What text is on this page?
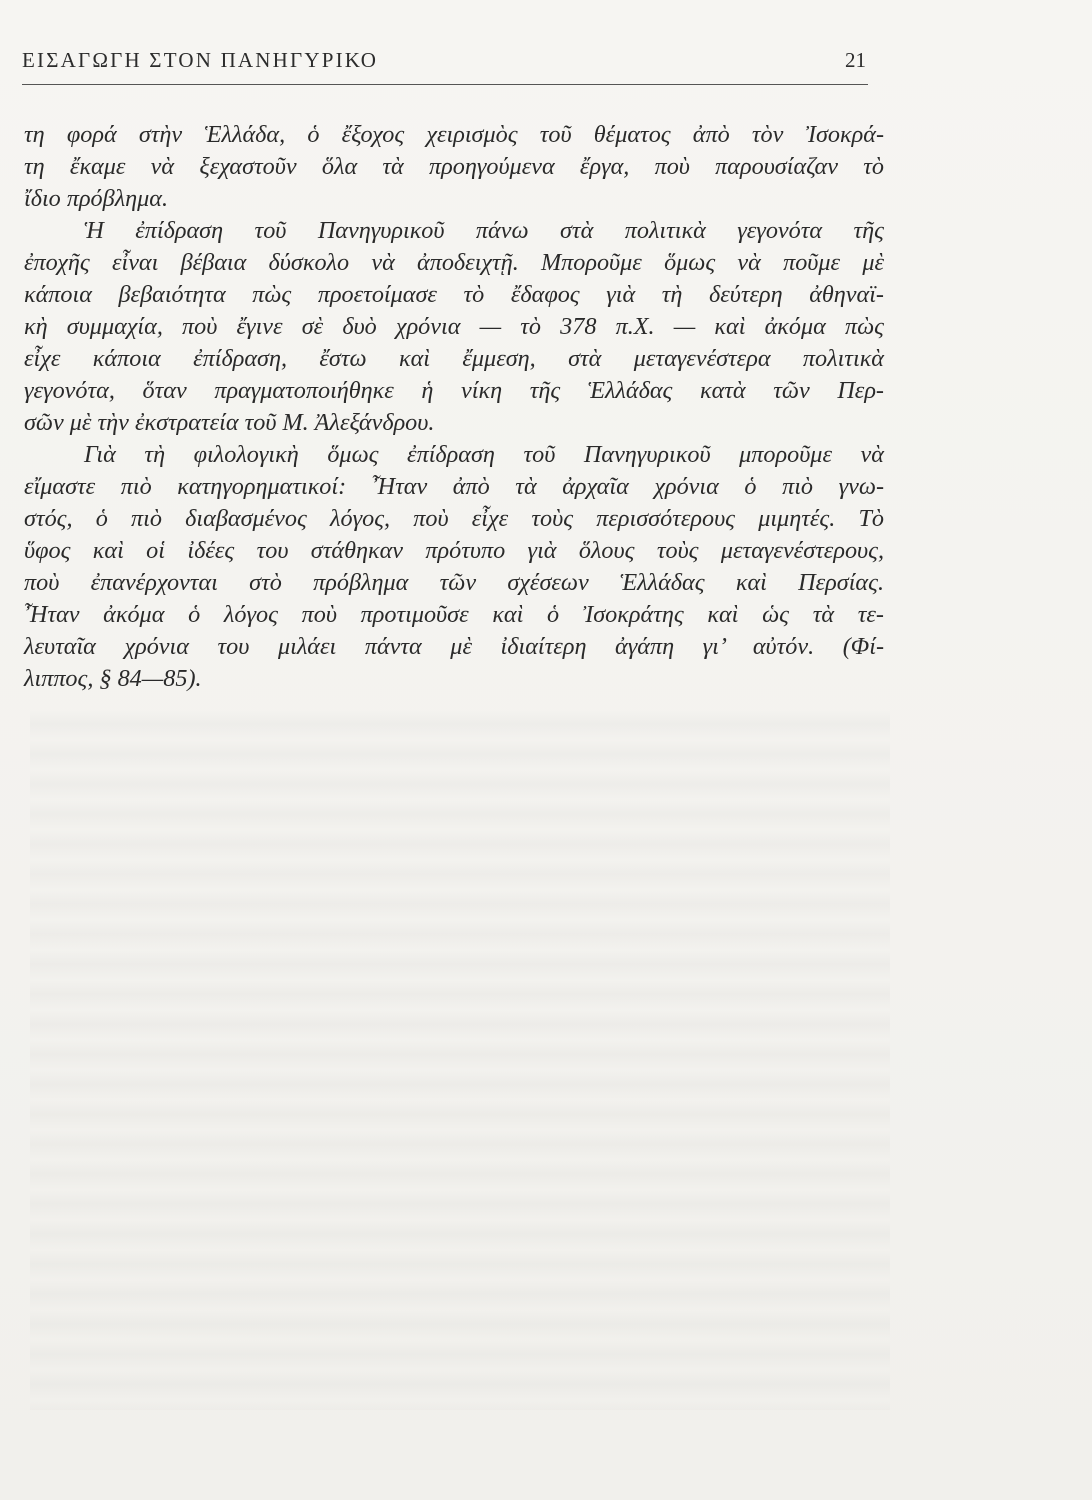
ΕΙΣΑΓΩΓΗ ΣΤΟΝ ΠΑΝΗΓΥΡΙΚΟ	21
τη φορά στὴν Ἑλλάδα, ὁ ἔξοχος χειρισμὸς τοῦ θέματος ἀπὸ τὸν Ἰσοκρά-
τη ἔκαμε νὰ ξεχαστοῦν ὅλα τὰ προηγούμενα ἔργα, ποὺ παρουσίαζαν τὸ
ἴδιο πρόβλημα.
Ἡ ἐπίδραση τοῦ Πανηγυρικοῦ πάνω στὰ πολιτικὰ γεγονότα τῆς
ἐποχῆς εἶναι βέβαια δύσκολο νὰ ἀποδειχτῇ. Μποροῦμε ὅμως νὰ ποῦμε μὲ
κάποια βεβαιότητα πὼς προετοίμασε τὸ ἔδαφος γιὰ τὴ δεύτερη ἀθηναϊ-
κὴ συμμαχία, ποὺ ἔγινε σὲ δυὸ χρόνια — τὸ 378 π.Χ. — καὶ ἀκόμα πὼς
εἶχε κάποια ἐπίδραση, ἔστω καὶ ἔμμεση, στὰ μεταγενέστερα πολιτικὰ
γεγονότα, ὅταν πραγματοποιήθηκε ἡ νίκη τῆς Ἑλλάδας κατὰ τῶν Περ-
σῶν μὲ τὴν ἐκστρατεία τοῦ Μ. Ἀλεξάνδρου.
Γιὰ τὴ φιλολογικὴ ὅμως ἐπίδραση τοῦ Πανηγυρικοῦ μποροῦμε νὰ
εἴμαστε πιὸ κατηγορηματικοί: Ἦταν ἀπὸ τὰ ἀρχαῖα χρόνια ὁ πιὸ γνω-
στός, ὁ πιὸ διαβασμένος λόγος, ποὺ εἶχε τοὺς περισσότερους μιμητές. Τὸ
ὕφος καὶ οἱ ἰδέες του στάθηκαν πρότυπο γιὰ ὅλους τοὺς μεταγενέστερους,
ποὺ ἐπανέρχονται στὸ πρόβλημα τῶν σχέσεων Ἑλλάδας καὶ Περσίας.
Ἦταν ἀκόμα ὁ λόγος ποὺ προτιμοῦσε καὶ ὁ Ἰσοκράτης καὶ ὡς τὰ τε-
λευταῖα χρόνια του μιλάει πάντα μὲ ἰδιαίτερη ἀγάπη γι’ αὐτόν. (Φί-
λιππος, § 84—85).
